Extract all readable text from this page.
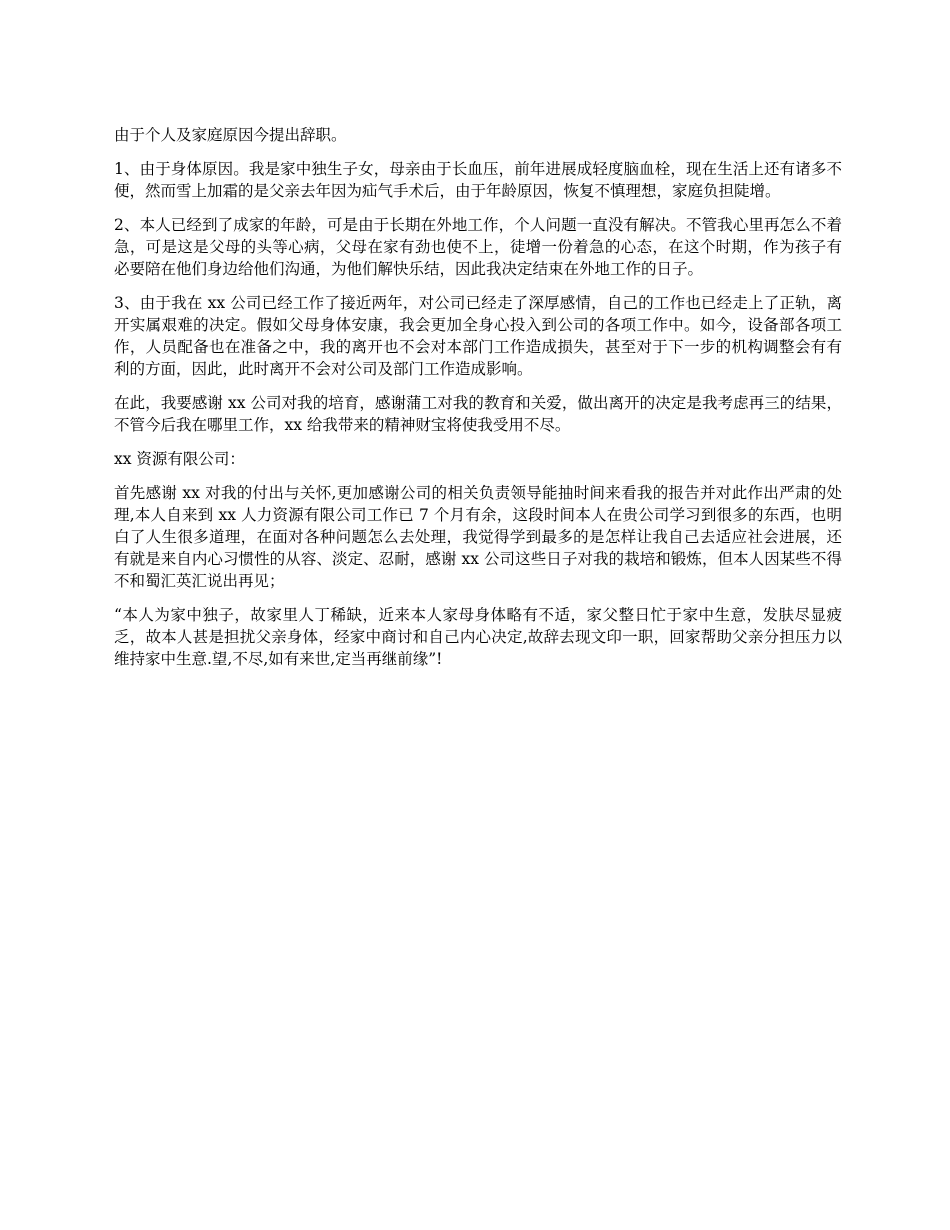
由于个人及家庭原因今提出辞职。

1、由于身体原因。我是家中独生子女，母亲由于长血压，前年进展成轻度脑血栓，现在生活上还有诸多不便，然而雪上加霜的是父亲去年因为疝气手术后，由于年龄原因，恢复不慎理想，家庭负担陡增。

2、本人已经到了成家的年龄，可是由于长期在外地工作，个人问题一直没有解决。不管我心里再怎么不着急，可是这是父母的头等心病，父母在家有劲也使不上，徒增一份着急的心态，在这个时期，作为孩子有必要陪在他们身边给他们沟通，为他们解快乐结，因此我决定结束在外地工作的日子。

3、由于我在 xx 公司已经工作了接近两年，对公司已经走了深厚感情，自己的工作也已经走上了正轨，离开实属艰难的决定。假如父母身体安康，我会更加全身心投入到公司的各项工作中。如今，设备部各项工作，人员配备也在准备之中，我的离开也不会对本部门工作造成损失，甚至对于下一步的机构调整会有有利的方面，因此，此时离开不会对公司及部门工作造成影响。

在此，我要感谢 xx 公司对我的培育，感谢蒲工对我的教育和关爱，做出离开的决定是我考虑再三的结果，不管今后我在哪里工作，xx 给我带来的精神财宝将使我受用不尽。

xx 资源有限公司：

首先感谢 xx 对我的付出与关怀,更加感谢公司的相关负责领导能抽时间来看我的报告并对此作出严肃的处理,本人自来到 xx 人力资源有限公司工作已 7 个月有余，这段时间本人在贵公司学习到很多的东西，也明白了人生很多道理，在面对各种问题怎么去处理，我觉得学到最多的是怎样让我自己去适应社会进展，还有就是来自内心习惯性的从容、淡定、忍耐，感谢 xx 公司这些日子对我的栽培和锻炼，但本人因某些不得不和蜀汇英汇说出再见；

“本人为家中独子，故家里人丁稀缺，近来本人家母身体略有不适，家父整日忙于家中生意，发肤尽显疲乏，故本人甚是担扰父亲身体，经家中商讨和自己内心决定,故辞去现文印一职，回家帮助父亲分担压力以维持家中生意.望,不尽,如有来世,定当再继前缘”!
